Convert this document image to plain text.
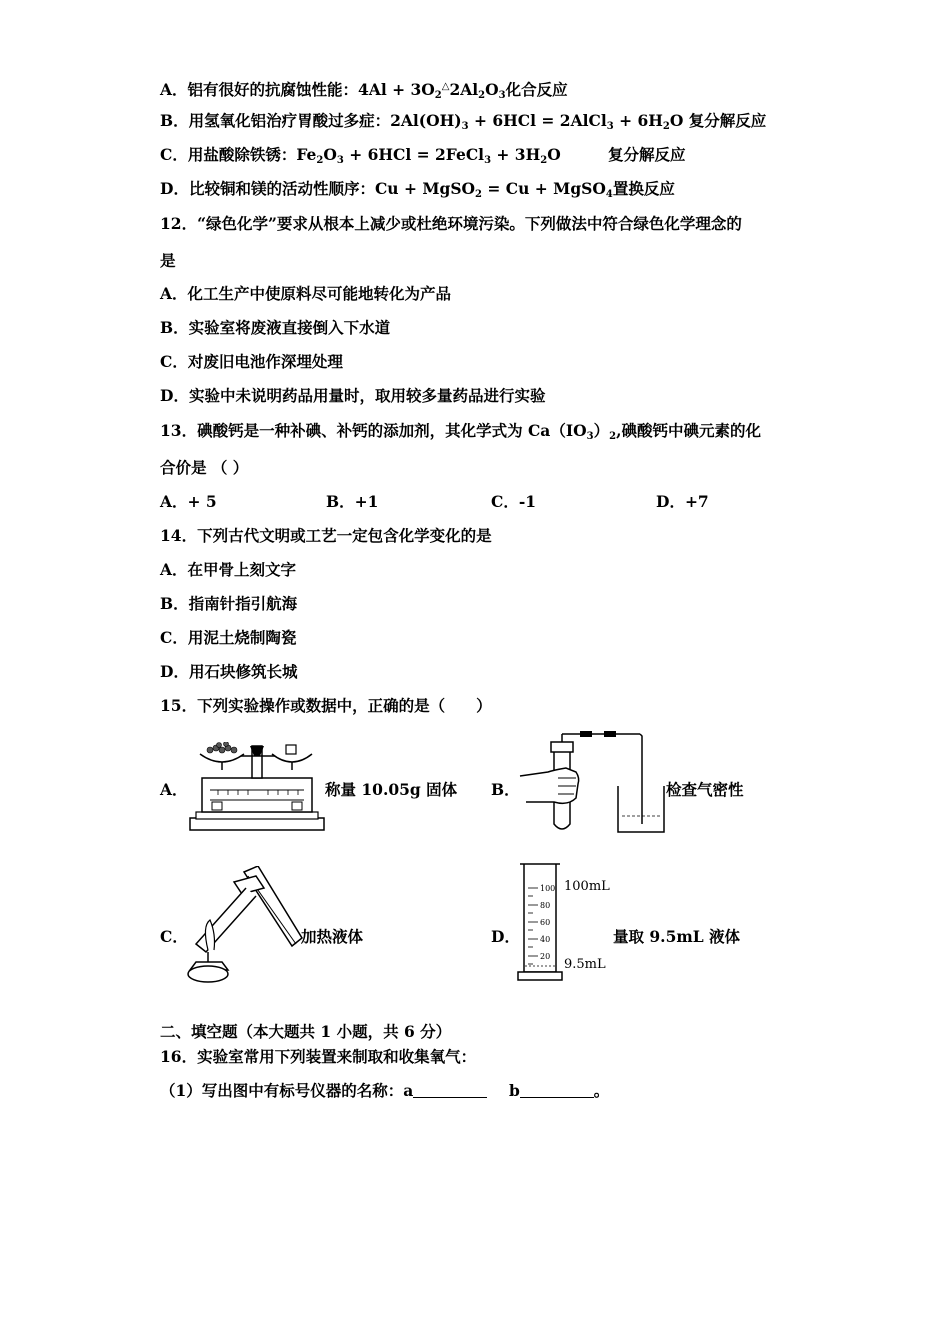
A．铝有很好的抗腐蚀性能：$4Al + 3O_2^\triangle 2Al_2O_3$化合反应
B．用氢氧化铝治疗胃酸过多症：$2Al(OH)_3 + 6HCl$ = 2AlCl$_3$ + $6H_2O$ 复分解反应
C．用盐酸除铁锈：$Fe_2O_3 + 6HCl$ = 2FeCl$_3$ + $3H_2O$	复分解反应
D．比较铜和镁的活动性顺序：Cu + MgSO$_2$ = Cu + MgSO$_4$置换反应
12．“绿色化学”要求从根本上减少或杜绝环境污染。下列做法中符合绿色化学理念的
是
A．化工生产中使原料尽可能地转化为产品
B．实验室将废液直接倒入下水道
C．对废旧电池作深埋处理
D．实验中未说明药品用量时，取用较多量药品进行实验
13．碘酸钙是一种补碘、补钙的添加剂，其化学式为 $Ca(IO_3)_2$,碘酸钙中碘元素的化
合价是 （ ）
A．+ 5	B．+1	C．-1	D．+7
14．下列古代文明或工艺一定包含化学变化的是
A．在甲骨上刻文字
B．指南针指引航海
C．用泥土烧制陶瓷
D．用石块修筑长城
15．下列实验操作或数据中，正确的是（　　）
A．	称量 10.05g 固体 B．	检查气密性
C．	加热液体	D．
100
80
60
40
20
100mL
9.5mL
量取 9.5mL 液体
二、填空题（本大题共 1 小题，共 6 分）
16．实验室常用下列装置来制取和收集氧气：
（1）写出图中有标号仪器的名称：a	b	。
